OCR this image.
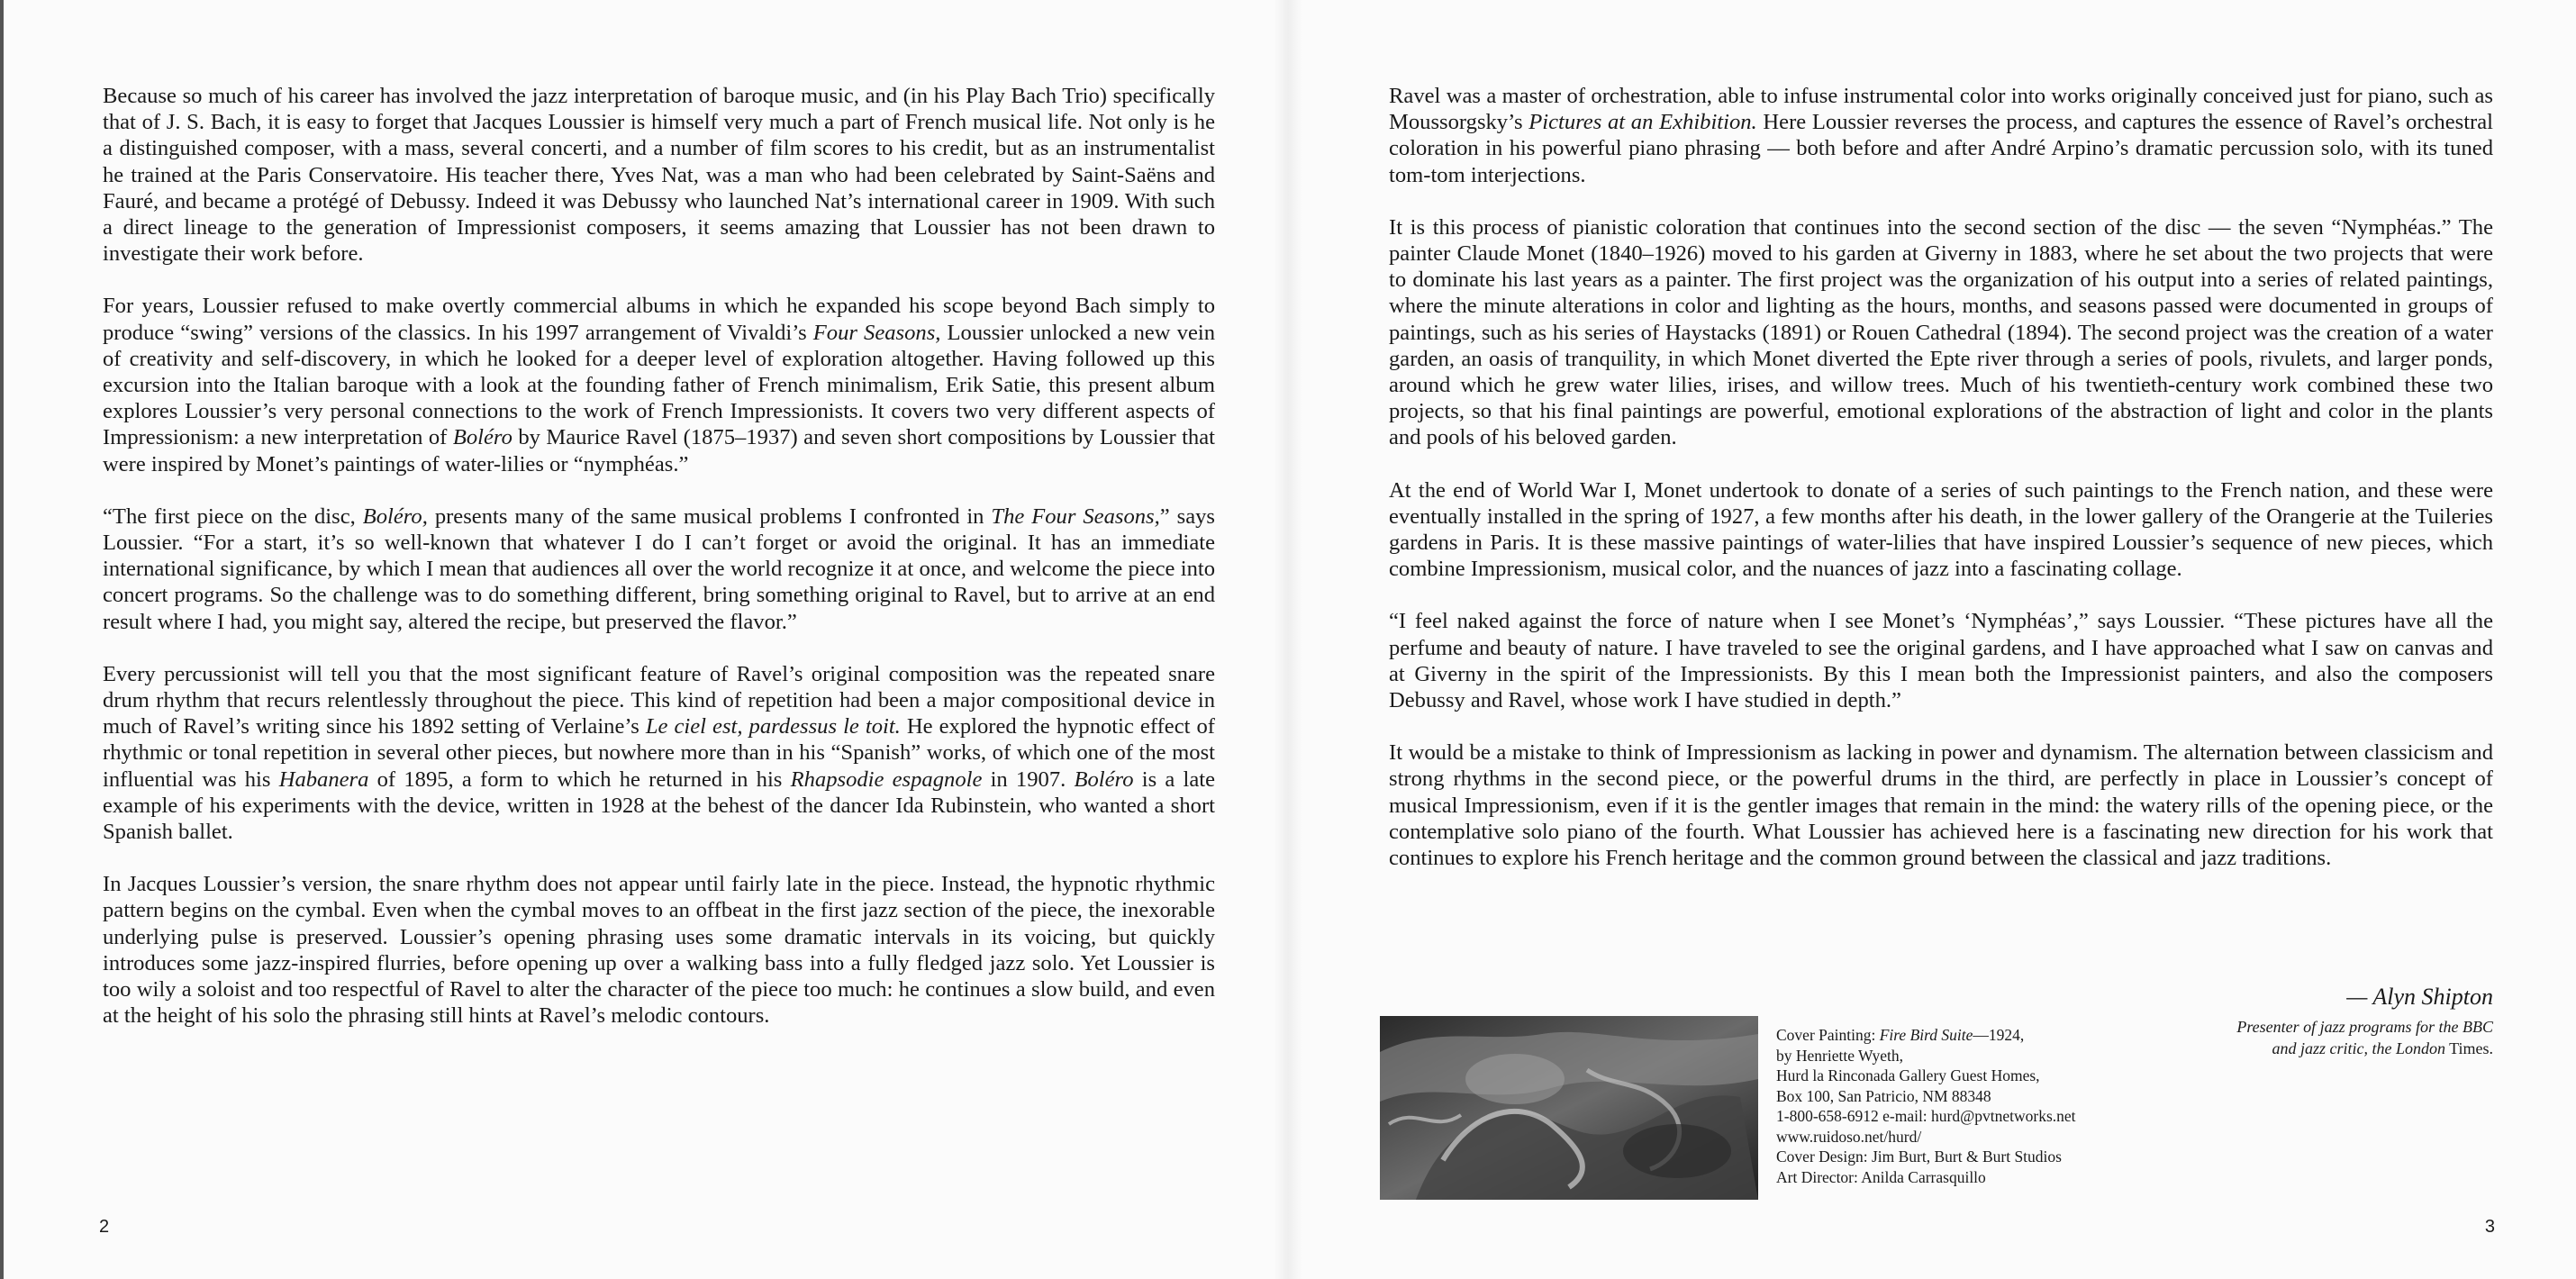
Because so much of his career has involved the jazz interpretation of baroque music, and (in his Play Bach Trio) specifically that of J. S. Bach, it is easy to forget that Jacques Loussier is himself very much a part of French musical life. Not only is he a distinguished composer, with a mass, several concerti, and a number of film scores to his credit, but as an instrumentalist he trained at the Paris Conservatoire. His teacher there, Yves Nat, was a man who had been celebrated by Saint-Saëns and Fauré, and became a protégé of Debussy. Indeed it was Debussy who launched Nat’s international career in 1909. With such a direct lineage to the generation of Impressionist composers, it seems amazing that Loussier has not been drawn to investigate their work before.

For years, Loussier refused to make overtly commercial albums in which he expanded his scope beyond Bach simply to produce “swing” versions of the classics. In his 1997 arrangement of Vivaldi’s Four Seasons, Loussier unlocked a new vein of creativity and self-discovery, in which he looked for a deeper level of exploration altogether. Having followed up this excursion into the Italian baroque with a look at the founding father of French minimalism, Erik Satie, this present album explores Loussier’s very personal connections to the work of French Impressionists. It covers two very different aspects of Impressionism: a new interpretation of Boléro by Maurice Ravel (1875–1937) and seven short compositions by Loussier that were inspired by Monet’s paintings of water-lilies or “nymphéas.”

“The first piece on the disc, Boléro, presents many of the same musical problems I confronted in The Four Seasons,” says Loussier. “For a start, it’s so well-known that whatever I do I can’t forget or avoid the original. It has an immediate international significance, by which I mean that audiences all over the world recognize it at once, and welcome the piece into concert programs. So the challenge was to do something different, bring something original to Ravel, but to arrive at an end result where I had, you might say, altered the recipe, but preserved the flavor.”

Every percussionist will tell you that the most significant feature of Ravel’s original composition was the repeated snare drum rhythm that recurs relentlessly throughout the piece. This kind of repetition had been a major compositional device in much of Ravel’s writing since his 1892 setting of Verlaine’s Le ciel est, pardessus le toit. He explored the hypnotic effect of rhythmic or tonal repetition in several other pieces, but nowhere more than in his “Spanish” works, of which one of the most influential was his Habanera of 1895, a form to which he returned in his Rhapsodie espagnole in 1907. Boléro is a late example of his experiments with the device, written in 1928 at the behest of the dancer Ida Rubinstein, who wanted a short Spanish ballet.

In Jacques Loussier’s version, the snare rhythm does not appear until fairly late in the piece. Instead, the hypnotic rhythmic pattern begins on the cymbal. Even when the cymbal moves to an offbeat in the first jazz section of the piece, the inexorable underlying pulse is preserved. Loussier’s opening phrasing uses some dramatic intervals in its voicing, but quickly introduces some jazz-inspired flurries, before opening up over a walking bass into a fully fledged jazz solo. Yet Loussier is too wily a soloist and too respectful of Ravel to alter the character of the piece too much: he continues a slow build, and even at the height of his solo the phrasing still hints at Ravel’s melodic contours.

2

Ravel was a master of orchestration, able to infuse instrumental color into works originally conceived just for piano, such as Moussorgsky’s Pictures at an Exhibition. Here Loussier reverses the process, and captures the essence of Ravel’s orchestral coloration in his powerful piano phrasing — both before and after André Arpino’s dramatic percussion solo, with its tuned tom-tom interjections.

It is this process of pianistic coloration that continues into the second section of the disc — the seven “Nymphéas.” The painter Claude Monet (1840–1926) moved to his garden at Giverny in 1883, where he set about the two projects that were to dominate his last years as a painter. The first project was the organization of his output into a series of related paintings, where the minute alterations in color and lighting as the hours, months, and seasons passed were documented in groups of paintings, such as his series of Haystacks (1891) or Rouen Cathedral (1894). The second project was the creation of a water garden, an oasis of tranquility, in which Monet diverted the Epte river through a series of pools, rivulets, and larger ponds, around which he grew water lilies, irises, and willow trees. Much of his twentieth-century work combined these two projects, so that his final paintings are powerful, emotional explorations of the abstraction of light and color in the plants and pools of his beloved garden.

At the end of World War I, Monet undertook to donate of a series of such paintings to the French nation, and these were eventually installed in the spring of 1927, a few months after his death, in the lower gallery of the Orangerie at the Tuileries gardens in Paris. It is these massive paintings of water-lilies that have inspired Loussier’s sequence of new pieces, which combine Impressionism, musical color, and the nuances of jazz into a fascinating collage.

“I feel naked against the force of nature when I see Monet’s ‘Nymphéas’,” says Loussier. “These pictures have all the perfume and beauty of nature. I have traveled to see the original gardens, and I have approached what I saw on canvas and at Giverny in the spirit of the Impressionists. By this I mean both the Impressionist painters, and also the composers Debussy and Ravel, whose work I have studied in depth.”

It would be a mistake to think of Impressionism as lacking in power and dynamism. The alternation between classicism and strong rhythms in the second piece, or the powerful drums in the third, are perfectly in place in Loussier’s concept of musical Impressionism, even if it is the gentler images that remain in the mind: the watery rills of the opening piece, or the contemplative solo piano of the fourth. What Loussier has achieved here is a fascinating new direction for his work that continues to explore his French heritage and the common ground between the classical and jazz traditions.

— Alyn Shipton
Presenter of jazz programs for the BBC
and jazz critic, the London Times.
Cover Painting: Fire Bird Suite—1924,
by Henriette Wyeth,
Hurd la Rinconada Gallery Guest Homes,
Box 100, San Patricio, NM 88348
1-800-658-6912 e-mail: hurd@pvtnetworks.net
www.ruidoso.net/hurd/
Cover Design: Jim Burt, Burt & Burt Studios
Art Director: Anilda Carrasquillo
3
